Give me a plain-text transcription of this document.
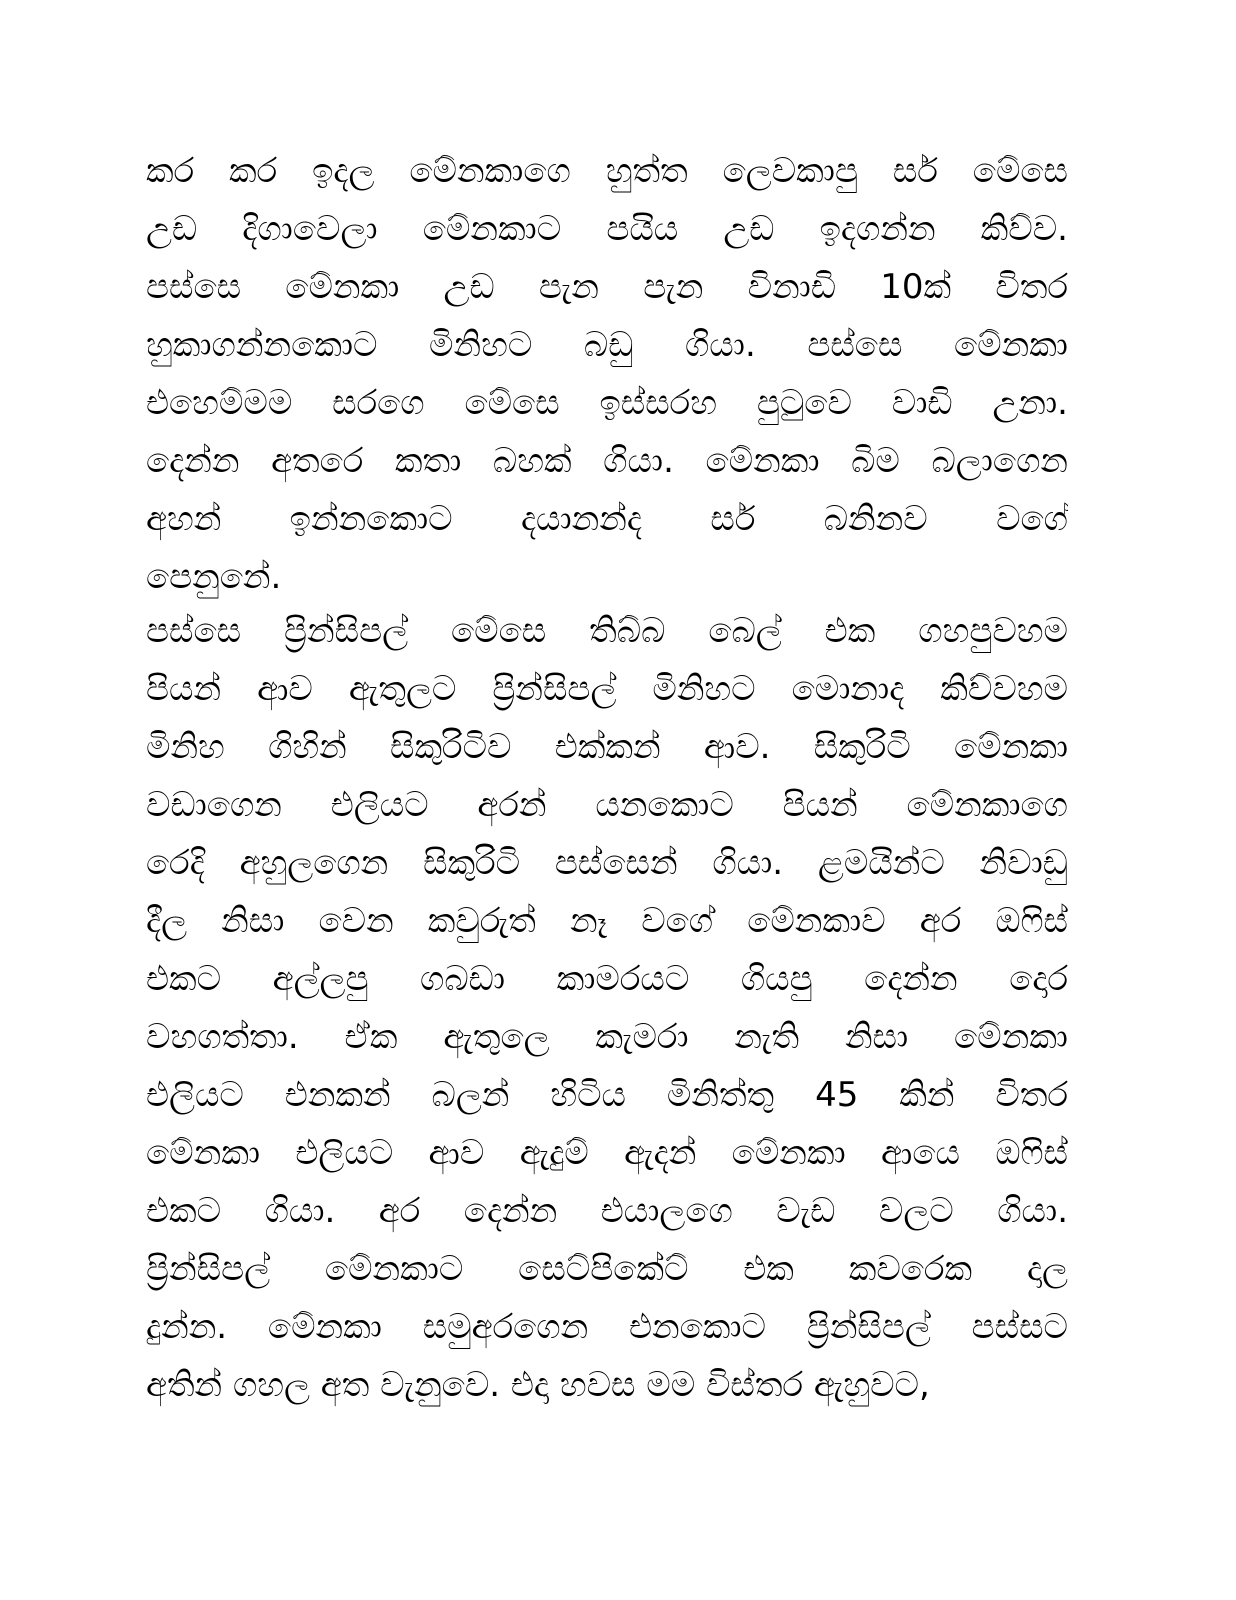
කර කර ඉදල මේනකාගෙ හුත්ත ලෙවකාපු සර් මේසෙ
උඩ දිගාවෙලා මේනකාට පයිය උඩ ඉදගන්න කිව්ව.
පස්සෙ මේනකා උඩ පැන පැන විනාඩි 10ක් විතර
හුකාගන්නකොට මිනිහට බඩු ගියා. පස්සෙ මේනකා
එහෙම්මම සරගෙ මේසෙ ඉස්සරහ පුටුවෙ වාඩි උනා.
දෙන්න අතරෙ කතා බහක් ගියා. මේනකා බිම බලාගෙන
අහන් ඉන්නකොට දයානන්ද සර් බනිනව වගේ
පෙනුනේ.
පස්සෙ ප්‍රින්සිපල් මේසෙ තිබ්බ බෙල් එක ගහපුවහම
පියන් ආව ඇතුලට ප්‍රින්සිපල් මිනිහට මොනාද කිව්වහම
මිනිහ ගිහින් සිකුරිටිව එක්කන් ආව. සිකුරිටි මේනකා
වඩාගෙන එලියට අරන් යනකොට පියන් මේනකාගෙ
රෙදි අහුලගෙන සිකුරිටි පස්සෙන් ගියා. ළමයින්ට නිවාඩු
දීල නිසා වෙන කවුරුත් නෑ වගේ මේනකාව අර ඔෆිස්
එකට අල්ලපු ගබඩා කාමරයට ගියපු දෙන්න දොර
වහගත්තා. ඒක ඇතුලෙ කැමරා නැති නිසා මේනකා
එලියට එනකන් බලන් හිටිය මිනිත්තු 45 කින් විතර
මේනකා එලියට ආව ඇදුම් ඇදන් මේනකා ආයෙ ඔෆිස්
එකට ගියා. අර දෙන්න එයාලගෙ වැඩ වලට ගියා.
ප්‍රින්සිපල් මේනකාට සෙට්පිකේට් එක කවරෙක දාල
දුන්න. මේනකා සමුඅරගෙන එනකොට ප්‍රින්සිපල් පස්සට
අතින් ගහල අත වැනුවෙ. එදා හවස මම විස්තර ඇහුවට,
